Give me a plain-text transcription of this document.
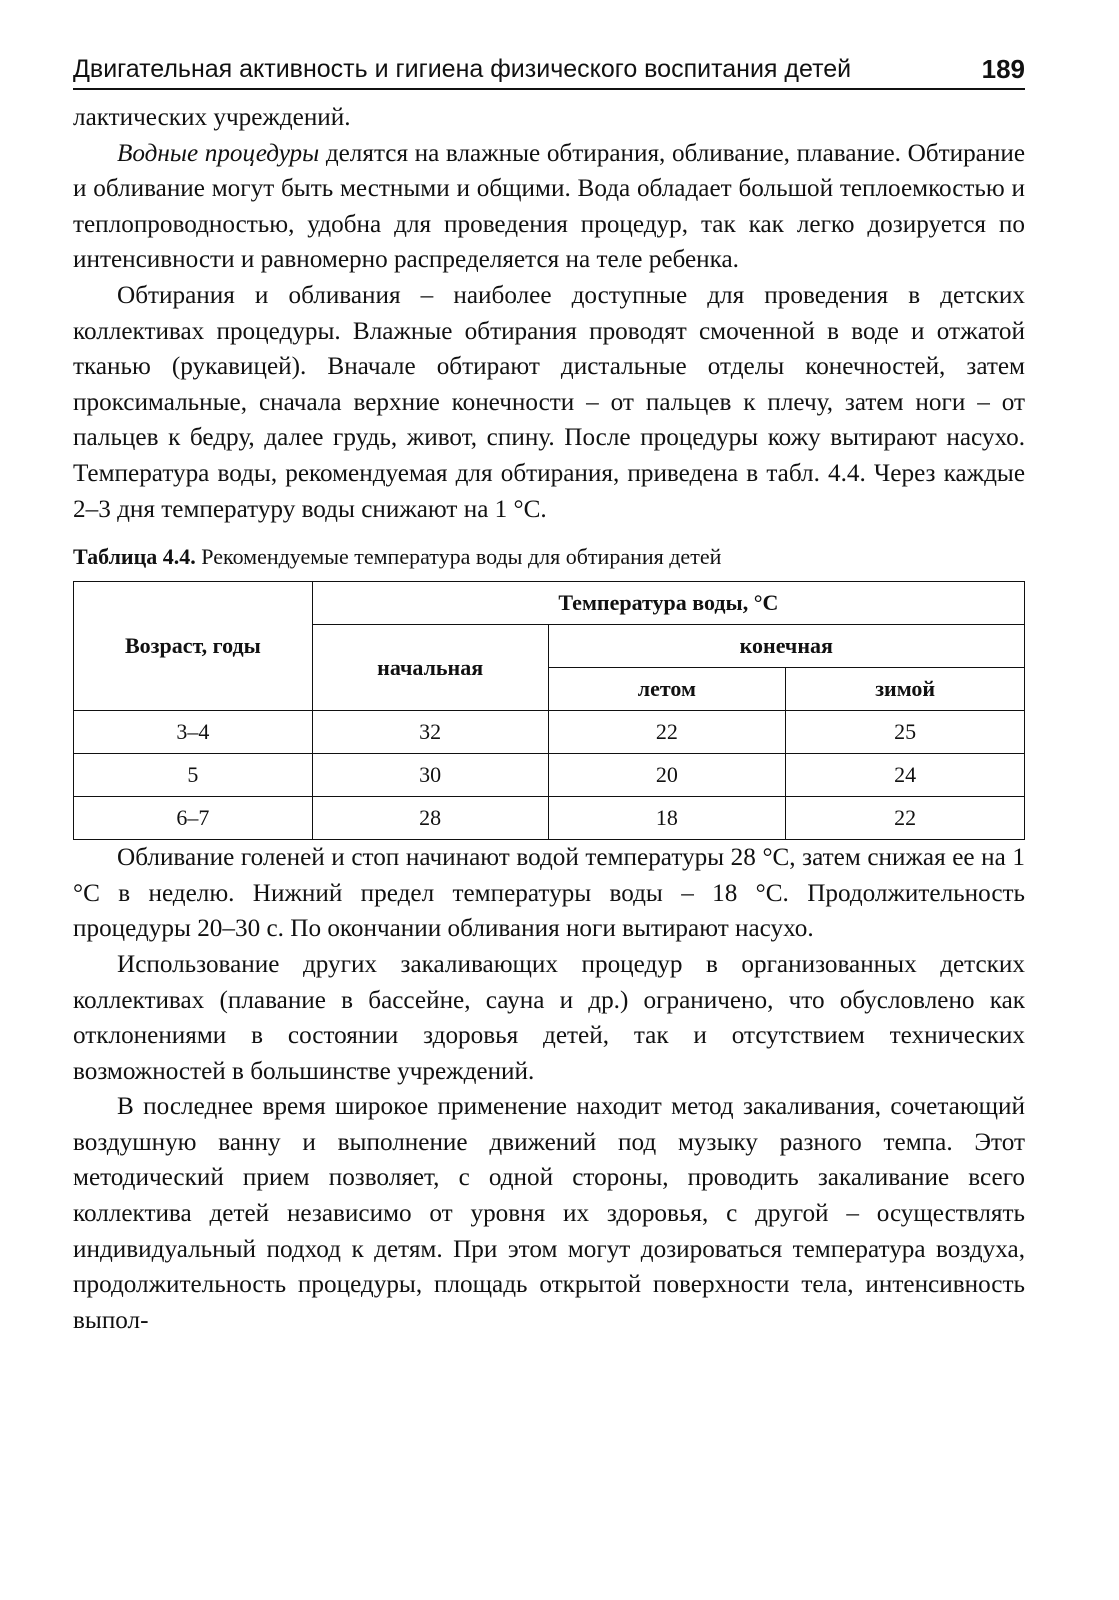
Двигательная активность и гигиена физического воспитания детей	189

лактических учреждений.

Водные процедуры делятся на влажные обтирания, обливание, плавание. Обтирание и обливание могут быть местными и общими. Вода обладает большой теплоемкостью и теплопроводностью, удобна для проведения процедур, так как легко дозируется по интенсивности и равномерно распределяется на теле ребенка.

Обтирания и обливания – наиболее доступные для проведения в детских коллективах процедуры. Влажные обтирания проводят смоченной в воде и отжатой тканью (рукавицей). Вначале обтирают дистальные отделы конечностей, затем проксимальные, сначала верхние конечности – от пальцев к плечу, затем ноги – от пальцев к бедру, далее грудь, живот, спину. После процедуры кожу вытирают насухо. Температура воды, рекомендуемая для обтирания, приведена в табл. 4.4. Через каждые 2–3 дня температуру воды снижают на 1 °С.

Таблица 4.4. Рекомендуемые температура воды для обтирания детей
Возраст, годы	Температура воды, °С		
	начальная	конечная	
		летом	зимой
3–4	32	22	25
5	30	20	24
6–7	28	18	22

Обливание голеней и стоп начинают водой температуры 28 °С, затем снижая ее на 1 °С в неделю. Нижний предел температуры воды – 18 °С. Продолжительность процедуры 20–30 с. По окончании обливания ноги вытирают насухо.

Использование других закаливающих процедур в организованных детских коллективах (плавание в бассейне, сауна и др.) ограничено, что обусловлено как отклонениями в состоянии здоровья детей, так и отсутствием технических возможностей в большинстве учреждений.

В последнее время широкое применение находит метод закаливания, сочетающий воздушную ванну и выполнение движений под музыку разного темпа. Этот методический прием позволяет, с одной стороны, проводить закаливание всего коллектива детей независимо от уровня их здоровья, с другой – осуществлять индивидуальный подход к детям. При этом могут дозироваться температура воздуха, продолжительность процедуры, площадь открытой поверхности тела, интенсивность выпол-
